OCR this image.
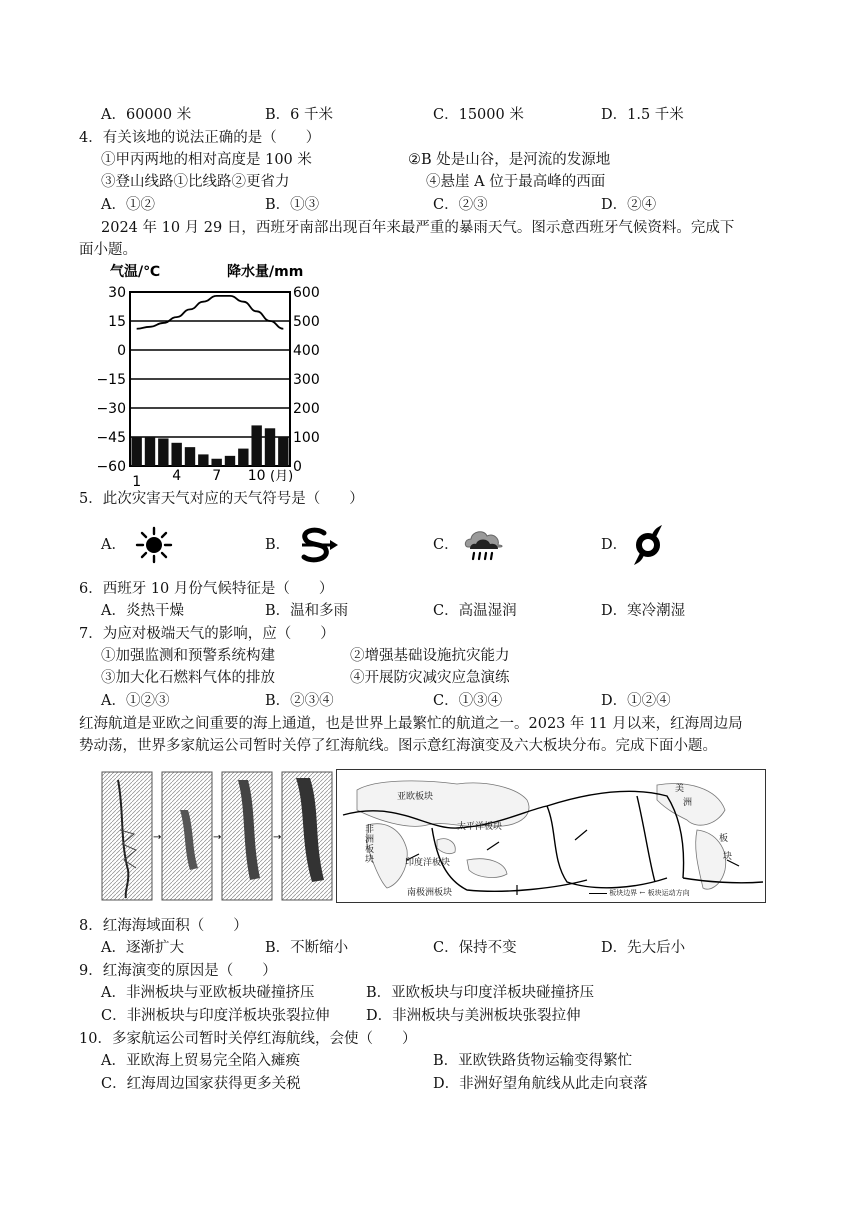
A．60000 米	B．6 千米	C．15000 米	D．1.5 千米
4．有关该地的说法正确的是（　　）
①甲丙两地的相对高度是 100 米	②B 处是山谷，是河流的发源地
③登山线路①比线路②更省力	④悬崖 A 位于最高峰的西面
A．①②	B．①③	C．②③	D．②④
2024 年 10 月 29 日，西班牙南部出现百年来最严重的暴雨天气。图示意西班牙气候资料。完成下
面小题。
气温/℃	降水量/mm
30
15
0
−15
−30
−45
−60
600
500
400
300
200
100
0
1 4 7 10 (月)
5．此次灾害天气对应的天气符号是（　　）
A．	B．	C．	D．
6．西班牙 10 月份气候特征是（　　）
A．炎热干燥	B．温和多雨	C．高温湿润	D．寒冷潮湿
7．为应对极端天气的影响，应（　　）
①加强监测和预警系统构建	②增强基础设施抗灾能力
③加大化石燃料气体的排放	④开展防灾减灾应急演练
A．①②③	B．②③④	C．①③④	D．①②④
红海航道是亚欧之间重要的海上通道，也是世界上最繁忙的航道之一。2023 年 11 月以来，红海周边局
势动荡，世界多家航运公司暂时关停了红海航线。图示意红海演变及六大板块分布。完成下面小题。
→	→	→
亚欧板块
美
洲
非洲板块
太平洋板块
印度洋板块
板
块
南极洲板块	板块边界 ← 板块运动方向
8．红海海域面积（　　）
A．逐渐扩大	B．不断缩小	C．保持不变	D．先大后小
9．红海演变的原因是（　　）
A．非洲板块与亚欧板块碰撞挤压	B．亚欧板块与印度洋板块碰撞挤压
C．非洲板块与印度洋板块张裂拉伸	D．非洲板块与美洲板块张裂拉伸
10．多家航运公司暂时关停红海航线，会使（　　）
A．亚欧海上贸易完全陷入瘫痪	B．亚欧铁路货物运输变得繁忙
C．红海周边国家获得更多关税	D．非洲好望角航线从此走向衰落
